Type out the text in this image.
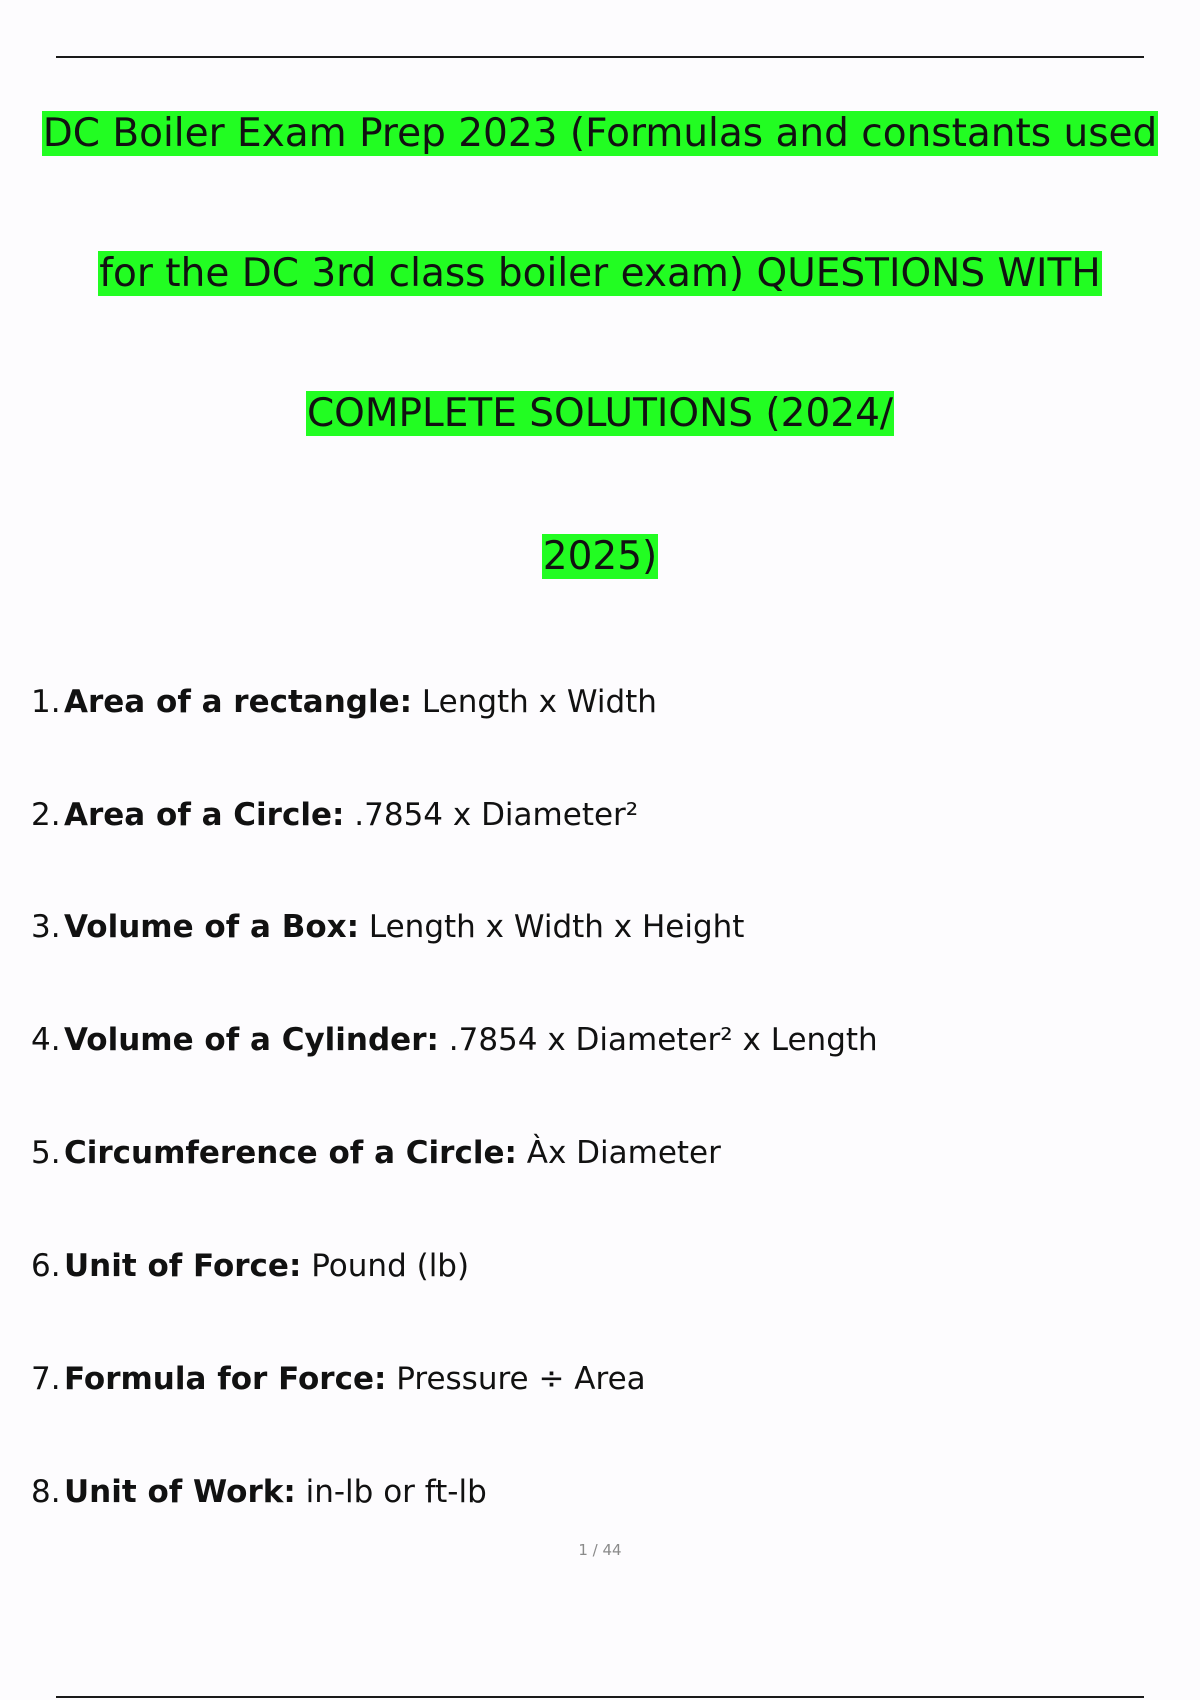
DC Boiler Exam Prep 2023 (Formulas and constants used
for the DC 3rd class boiler exam) QUESTIONS WITH
COMPLETE SOLUTIONS (2024/
2025)
1. Area of a rectangle: Length x Width
2. Area of a Circle: .7854 x Diameter²
3. Volume of a Box: Length x Width x Height
4. Volume of a Cylinder: .7854 x Diameter² x Length
5. Circumference of a Circle: Àx Diameter
6. Unit of Force: Pound (lb)
7. Formula for Force: Pressure ÷ Area
8. Unit of Work: in-lb or ft-lb
1 / 44
